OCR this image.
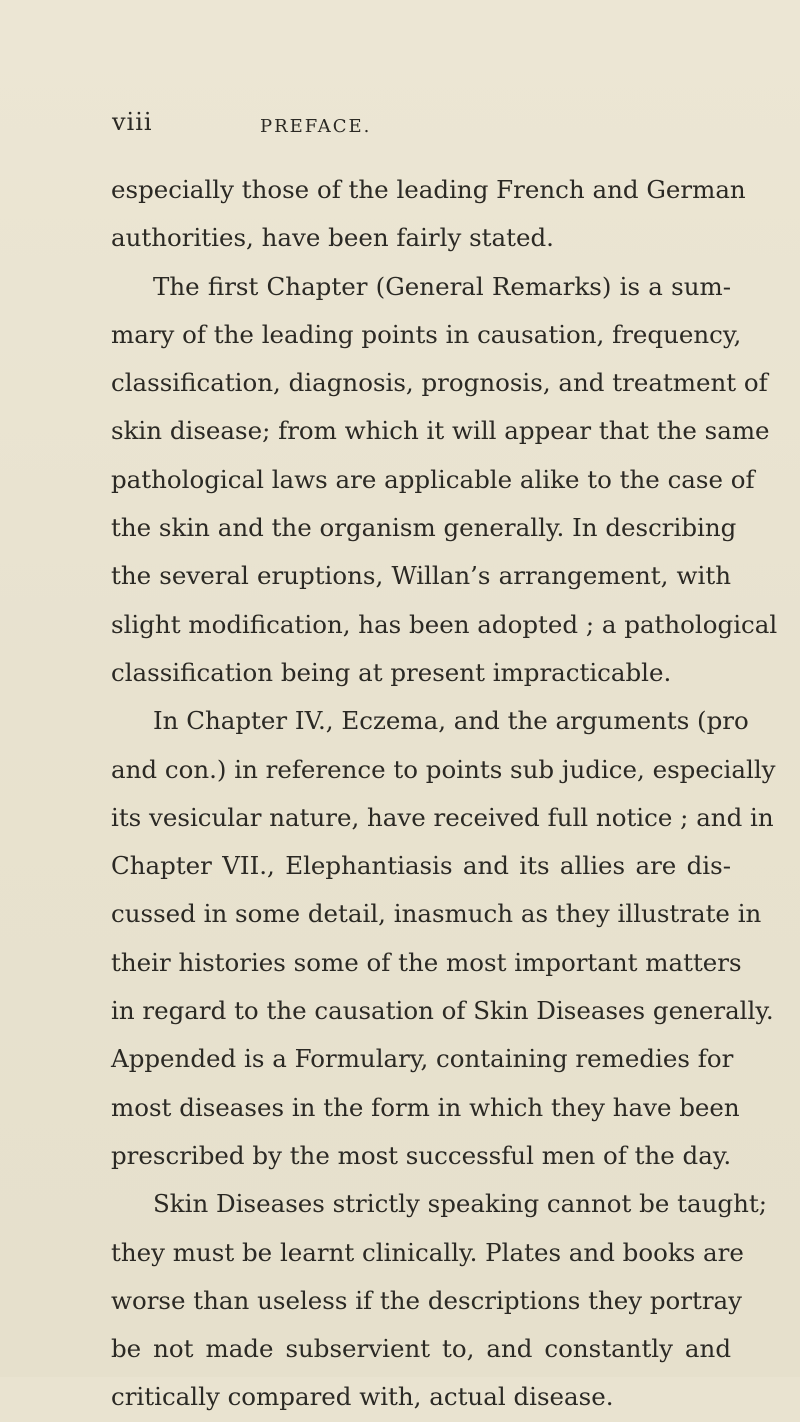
viii	PREFACE.
especially those of the leading French and German
authorities, have been fairly stated.
The first Chapter (General Remarks) is a sum-
mary of the leading points in causation, frequency,
classification, diagnosis, prognosis, and treatment of
skin disease; from which it will appear that the same
pathological laws are applicable alike to the case of
the skin and the organism generally. In describing
the several eruptions, Willan’s arrangement, with
slight modification, has been adopted ; a pathological
classification being at present impracticable.
In Chapter IV., Eczema, and the arguments (pro
and con.) in reference to points sub judice, especially
its vesicular nature, have received full notice ; and in
Chapter VII., Elephantiasis and its allies are dis-
cussed in some detail, inasmuch as they illustrate in
their histories some of the most important matters
in regard to the causation of Skin Diseases generally.
Appended is a Formulary, containing remedies for
most diseases in the form in which they have been
prescribed by the most successful men of the day.
Skin Diseases strictly speaking cannot be taught;
they must be learnt clinically. Plates and books are
worse than useless if the descriptions they portray
be not made subservient to, and constantly and
critically compared with, actual disease.
